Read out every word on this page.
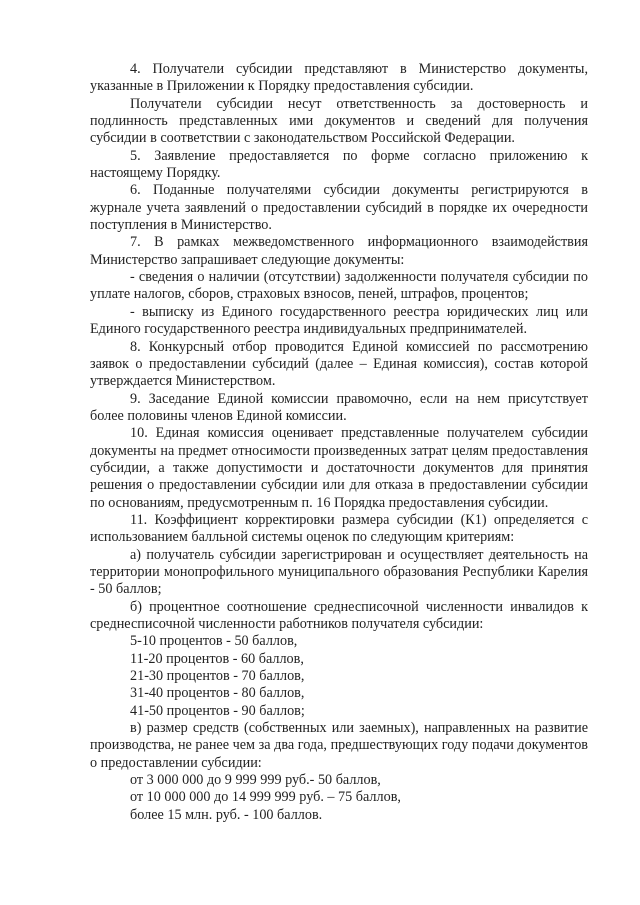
4. Получатели субсидии представляют в Министерство документы, указанные в Приложении к Порядку предоставления субсидии.

Получатели субсидии несут ответственность за достоверность и подлинность представленных ими документов и сведений для получения субсидии в соответствии с законодательством Российской Федерации.

5. Заявление предоставляется по форме согласно приложению к настоящему Порядку.

6. Поданные получателями субсидии документы регистрируются в журнале учета заявлений о предоставлении субсидий в порядке их очередности поступления в Министерство.

7. В рамках межведомственного информационного взаимодействия Министерство запрашивает следующие документы:

- сведения о наличии (отсутствии) задолженности получателя субсидии по уплате налогов, сборов, страховых взносов, пеней, штрафов, процентов;

- выписку из Единого государственного реестра юридических лиц или Единого государственного реестра индивидуальных предпринимателей.

8. Конкурсный отбор проводится Единой комиссией по рассмотрению заявок о предоставлении субсидий (далее – Единая комиссия), состав которой утверждается Министерством.

9. Заседание Единой комиссии правомочно, если на нем присутствует более половины членов Единой комиссии.

10. Единая комиссия оценивает представленные получателем субсидии документы на предмет относимости произведенных затрат целям предоставления субсидии, а также допустимости и достаточности документов для принятия решения о предоставлении субсидии или для отказа в предоставлении субсидии по основаниям, предусмотренным п. 16 Порядка предоставления субсидии.

11. Коэффициент корректировки размера субсидии (К1) определяется с использованием балльной системы оценок по следующим критериям:

а) получатель субсидии зарегистрирован и осуществляет деятельность на территории монопрофильного муниципального образования Республики Карелия - 50 баллов;

б) процентное соотношение среднесписочной численности инвалидов к среднесписочной численности работников получателя субсидии:

5-10 процентов - 50 баллов,

11-20 процентов - 60 баллов,

21-30 процентов - 70 баллов,

31-40 процентов - 80 баллов,

41-50 процентов - 90 баллов;

в) размер средств (собственных или заемных), направленных на развитие производства, не ранее чем за два года, предшествующих году подачи документов о предоставлении субсидии:

от 3 000 000 до 9 999 999 руб.- 50 баллов,

от 10 000 000 до 14 999 999 руб. – 75 баллов,

более 15 млн. руб. - 100 баллов.
